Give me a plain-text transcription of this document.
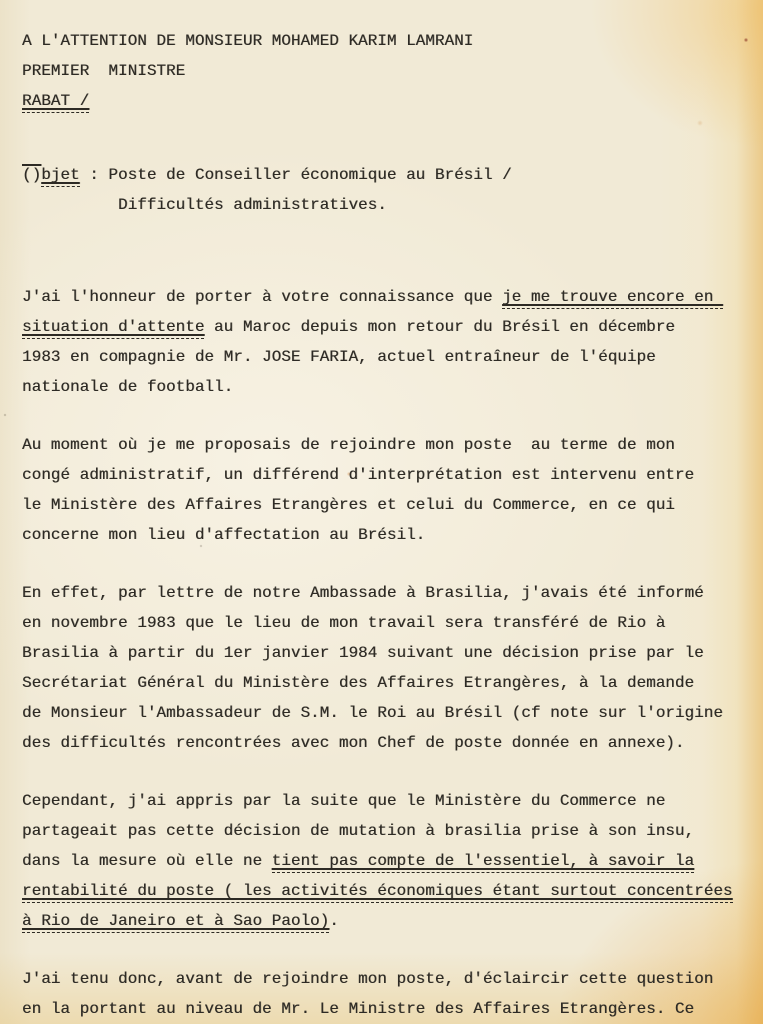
A L'ATTENTION DE MONSIEUR MOHAMED KARIM LAMRANI
PREMIER  MINISTRE
RABAT /
()bjet : Poste de Conseiller économique au Brésil /
Difficultés administratives.
J'ai l'honneur de porter à votre connaissance que je me trouve encore en
situation d'attente au Maroc depuis mon retour du Brésil en décembre
1983 en compagnie de Mr. JOSE FARIA, actuel entraîneur de l'équipe
nationale de football.
Au moment où je me proposais de rejoindre mon poste  au terme de mon
congé administratif, un différend d'interprétation est intervenu entre
le Ministère des Affaires Etrangères et celui du Commerce, en ce qui
concerne mon lieu d'affectation au Brésil.
En effet, par lettre de notre Ambassade à Brasilia, j'avais été informé
en novembre 1983 que le lieu de mon travail sera transféré de Rio à
Brasilia à partir du 1er janvier 1984 suivant une décision prise par le
Secrétariat Général du Ministère des Affaires Etrangères, à la demande
de Monsieur l'Ambassadeur de S.M. le Roi au Brésil (cf note sur l'origine
des difficultés rencontrées avec mon Chef de poste donnée en annexe).
Cependant, j'ai appris par la suite que le Ministère du Commerce ne
partageait pas cette décision de mutation à brasilia prise à son insu,
dans la mesure où elle ne tient pas compte de l'essentiel, à savoir la
rentabilité du poste ( les activités économiques étant surtout concentrées
à Rio de Janeiro et à Sao Paolo).
J'ai tenu donc, avant de rejoindre mon poste, d'éclaircir cette question
en la portant au niveau de Mr. Le Ministre des Affaires Etrangères. Ce
